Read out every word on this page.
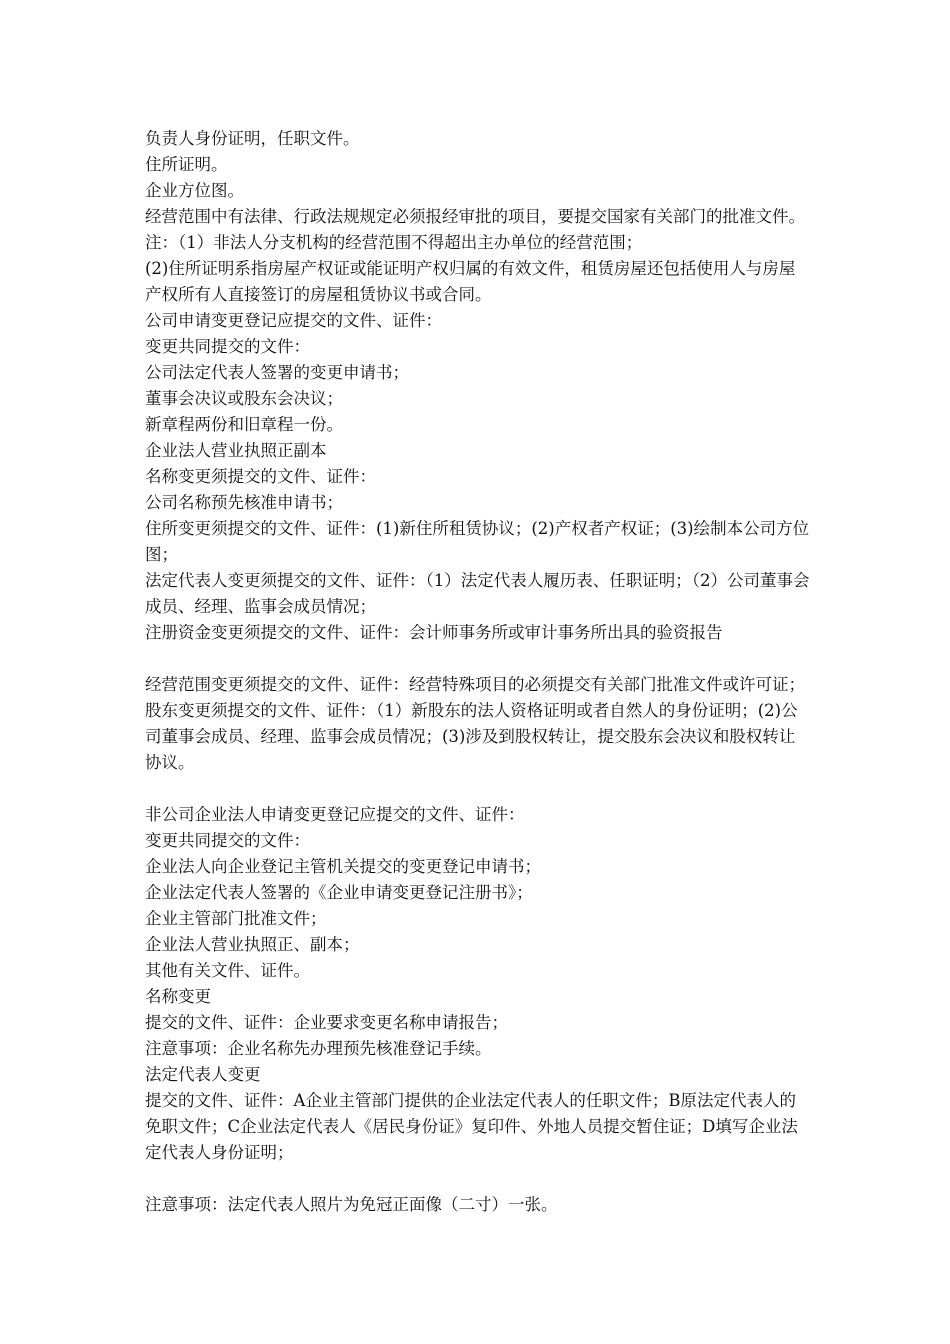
负责人身份证明，任职文件。
住所证明。
企业方位图。
经营范围中有法律、行政法规规定必须报经审批的项目，要提交国家有关部门的批准文件。
注：（1）非法人分支机构的经营范围不得超出主办单位的经营范围；
(2)住所证明系指房屋产权证或能证明产权归属的有效文件，租赁房屋还包括使用人与房屋产权所有人直接签订的房屋租赁协议书或合同。
公司申请变更登记应提交的文件、证件：
变更共同提交的文件：
公司法定代表人签署的变更申请书；
董事会决议或股东会决议；
新章程两份和旧章程一份。
企业法人营业执照正副本
名称变更须提交的文件、证件：
公司名称预先核准申请书；
住所变更须提交的文件、证件：(1)新住所租赁协议；(2)产权者产权证；(3)绘制本公司方位图；
法定代表人变更须提交的文件、证件：（1）法定代表人履历表、任职证明；（2）公司董事会成员、经理、监事会成员情况；
注册资金变更须提交的文件、证件：会计师事务所或审计事务所出具的验资报告
经营范围变更须提交的文件、证件：经营特殊项目的必须提交有关部门批准文件或许可证；
股东变更须提交的文件、证件：（1）新股东的法人资格证明或者自然人的身份证明；(2)公司董事会成员、经理、监事会成员情况；(3)涉及到股权转让，提交股东会决议和股权转让协议。
非公司企业法人申请变更登记应提交的文件、证件：
变更共同提交的文件：
企业法人向企业登记主管机关提交的变更登记申请书；
企业法定代表人签署的《企业申请变更登记注册书》；
企业主管部门批准文件；
企业法人营业执照正、副本；
其他有关文件、证件。
名称变更
提交的文件、证件：企业要求变更名称申请报告；
注意事项：企业名称先办理预先核准登记手续。
法定代表人变更
提交的文件、证件：A企业主管部门提供的企业法定代表人的任职文件；B原法定代表人的免职文件；C企业法定代表人《居民身份证》复印件、外地人员提交暂住证；D填写企业法定代表人身份证明；
注意事项：法定代表人照片为免冠正面像（二寸）一张。
